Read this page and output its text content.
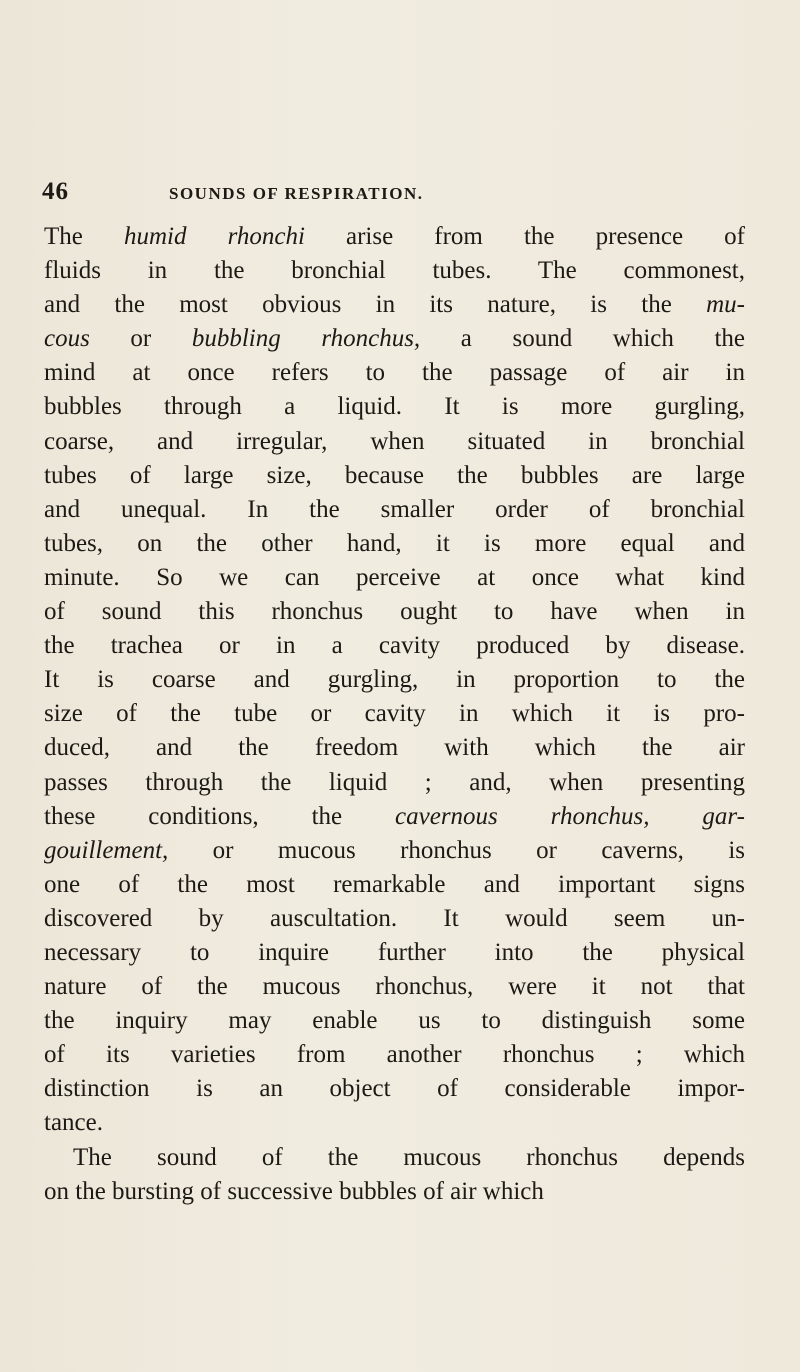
46	SOUNDS OF RESPIRATION.
The humid rhonchi arise from the presence of
fluids in the bronchial tubes. The commonest,
and the most obvious in its nature, is the mu-
cous or bubbling rhonchus, a sound which the
mind at once refers to the passage of air in
bubbles through a liquid. It is more gurgling,
coarse, and irregular, when situated in bronchial
tubes of large size, because the bubbles are large
and unequal. In the smaller order of bronchial
tubes, on the other hand, it is more equal and
minute. So we can perceive at once what kind
of sound this rhonchus ought to have when in
the trachea or in a cavity produced by disease.
It is coarse and gurgling, in proportion to the
size of the tube or cavity in which it is pro-
duced, and the freedom with which the air
passes through the liquid ; and, when presenting
these conditions, the cavernous rhonchus, gar-
gouillement, or mucous rhonchus or caverns, is
one of the most remarkable and important signs
discovered by auscultation. It would seem un-
necessary to inquire further into the physical
nature of the mucous rhonchus, were it not that
the inquiry may enable us to distinguish some
of its varieties from another rhonchus ; which
distinction is an object of considerable impor-
tance.
The sound of the mucous rhonchus depends
on the bursting of successive bubbles of air which
